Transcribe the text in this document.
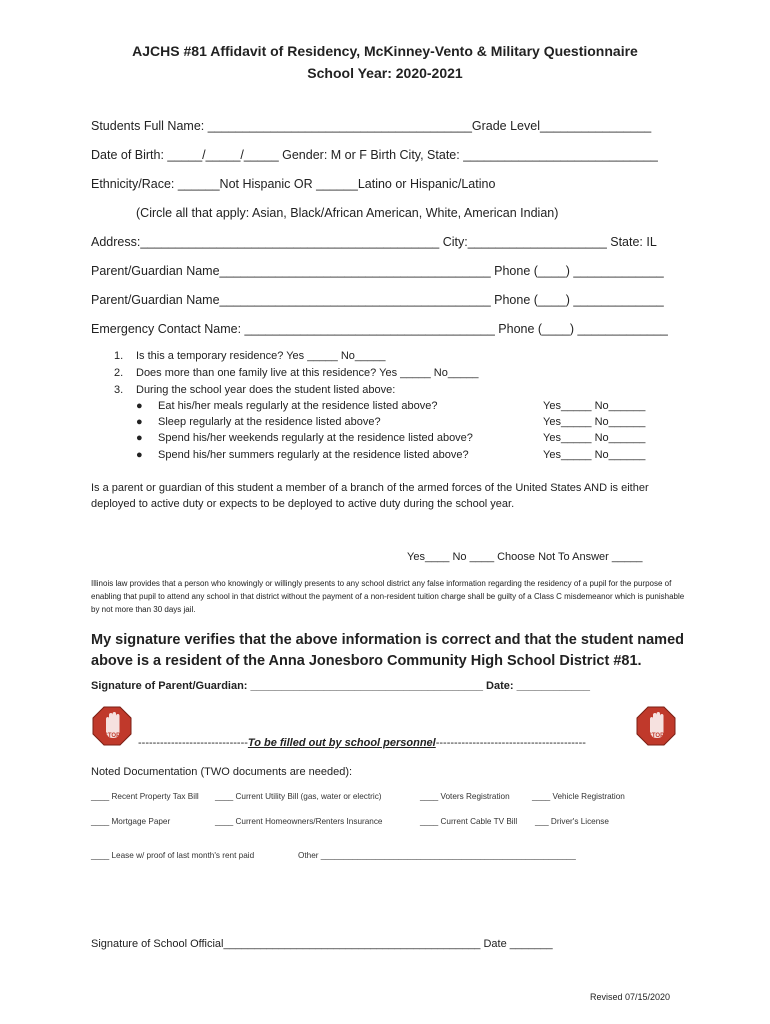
AJCHS #81 Affidavit of Residency, McKinney-Vento & Military Questionnaire
School Year: 2020-2021
Students Full Name: ______________________________________Grade Level________________
Date of Birth: _____/_____/_____ Gender: M or F Birth City, State: ____________________________
Ethnicity/Race: ______Not Hispanic OR ______Latino or Hispanic/Latino
(Circle all that apply: Asian, Black/African American, White, American Indian)
Address:___________________________________________ City:____________________ State: IL
Parent/Guardian Name_______________________________________ Phone (____) _____________
Parent/Guardian Name_______________________________________ Phone (____) _____________
Emergency Contact Name: ____________________________________ Phone (____) _____________
1. Is this a temporary residence? Yes _____ No_____
2. Does more than one family live at this residence? Yes _____ No_____
3. During the school year does the student listed above:
● Eat his/her meals regularly at the residence listed above?	Yes_____ No______
● Sleep regularly at the residence listed above?	Yes_____ No______
● Spend his/her weekends regularly at the residence listed above?	Yes_____ No______
● Spend his/her summers regularly at the residence listed above?	Yes_____ No______
Is a parent or guardian of this student a member of a branch of the armed forces of the United States AND is either deployed to active duty or expects to be deployed to active duty during the school year.
Yes____ No ____ Choose Not To Answer _____
Illinois law provides that a person who knowingly or willingly presents to any school district any false information regarding the residency of a pupil for the purpose of enabling that pupil to attend any school in that district without the payment of a non-resident tuition charge shall be guilty of a Class C misdemeanor which is punishable by not more than 30 days jail.
My signature verifies that the above information is correct and that the student named above is a resident of the Anna Jonesboro Community High School District #81.
Signature of Parent/Guardian: ______________________________________ Date: ____________
STOP	STOP
------------------------------To be filled out by school personnel-----------------------------------------
Noted Documentation (TWO documents are needed):
____ Recent Property Tax Bill ____ Current Utility Bill (gas, water or electric)	____ Voters Registration	____ Vehicle Registration
____ Mortgage Paper	____ Current Homeowners/Renters Insurance	____ Current Cable TV Bill ___ Driver's License
____ Lease w/ proof of last month's rent paid	Other ________________________________________________________
Signature of School Official__________________________________________ Date _______
Revised 07/15/2020
